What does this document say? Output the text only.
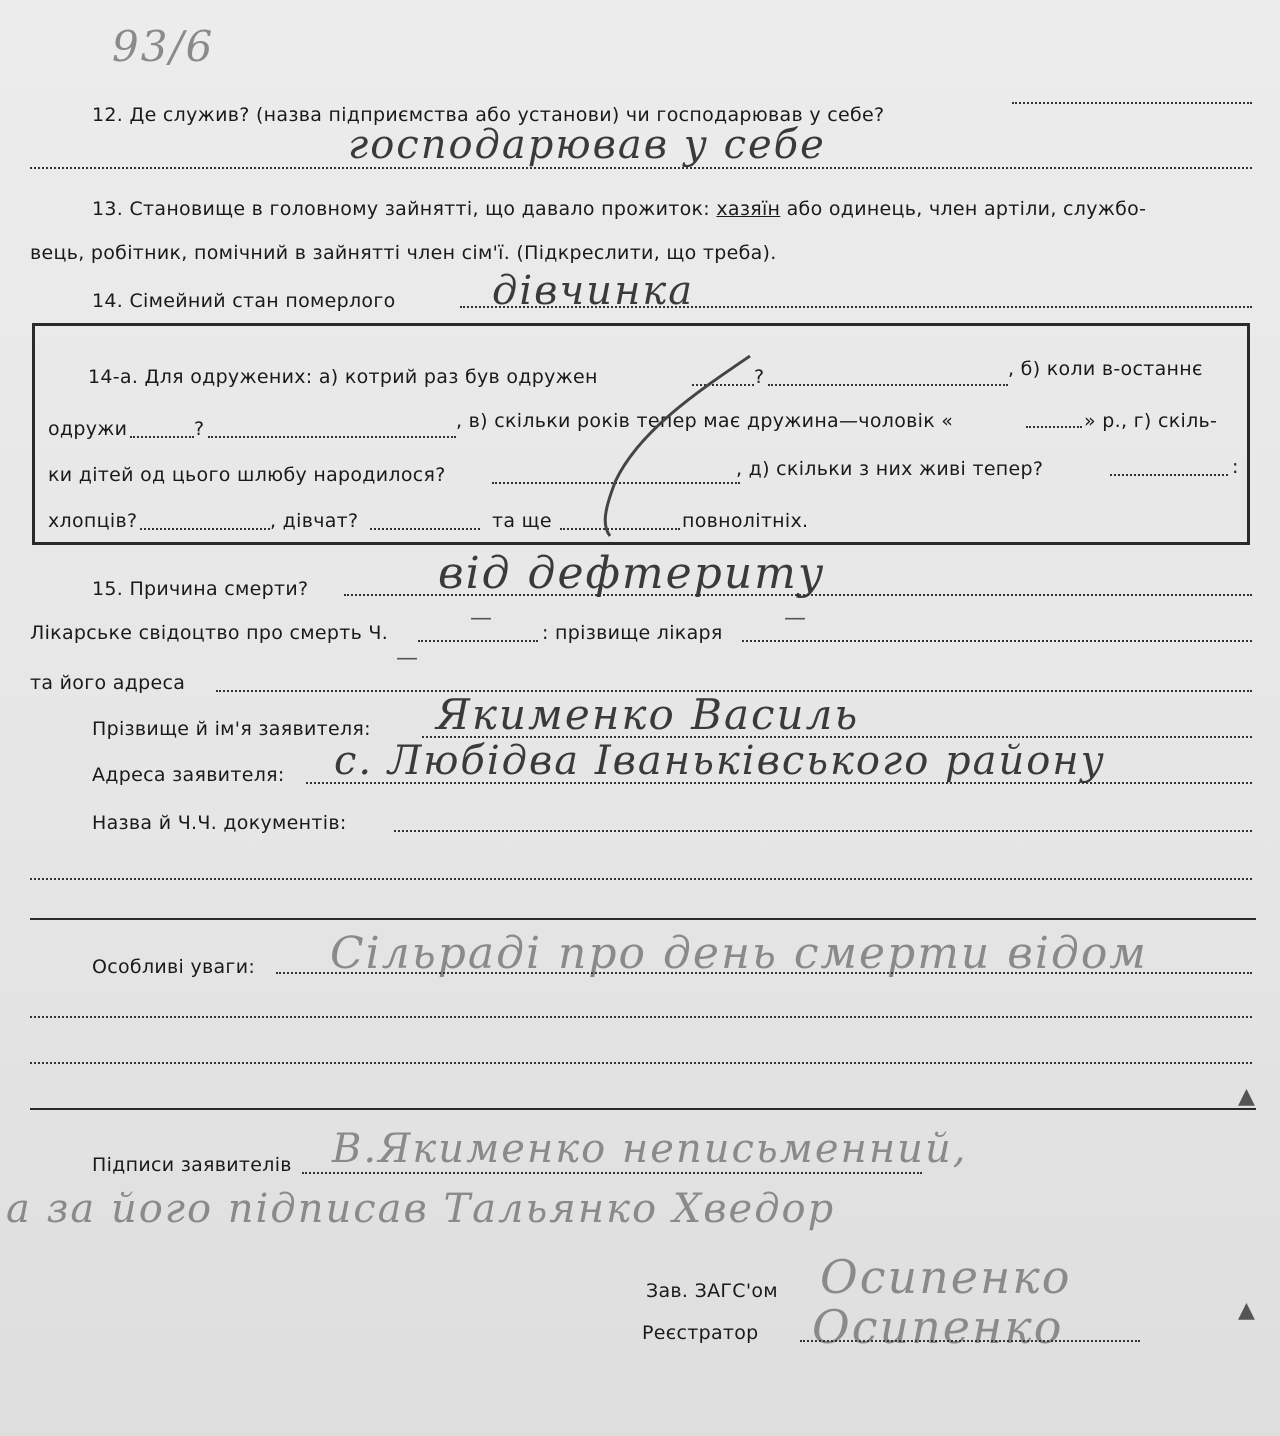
93/6
12. Де служив? (назва підприємства або установи) чи господарював у себе?
господарював у себе
13. Становище в головному зайнятті, що давало прожиток: хазяїн або одинець, член артіли, службо-
вець, робітник, помічний в зайнятті член сім'ї. (Підкреслити, що треба).
14. Сімейний стан померлого дівчинка
14-а. Для одружених: а) котрий раз був одружен	?	, б) коли в-останнє
одружи	?	, в) скільки років тепер має дружина—чоловік «	» р., г) скіль-
ки дітей од цього шлюбу народилося?	, д) скільки з них живі тепер?	:
хлопців?	, дівчат?	та ще	повнолітніх.
15. Причина смерти?	від дефтериту
Лікарське свідоцтво про смерть Ч.	: прізвище лікаря
—	—
—
та його адреса
Прізвище й ім'я заявителя: Якименко Василь
Адреса заявителя: с. Любідва Іваньківського району
Назва й Ч.Ч. документів:
Особливі уваги: Сільраді про день смерти відом
Підписи заявителів В.Якименко неписьменний,
а за його підписав Тальянко Хведор
Зав. ЗАГС'ом Осипенко
Реєстратор Осипенко
▲
▲
